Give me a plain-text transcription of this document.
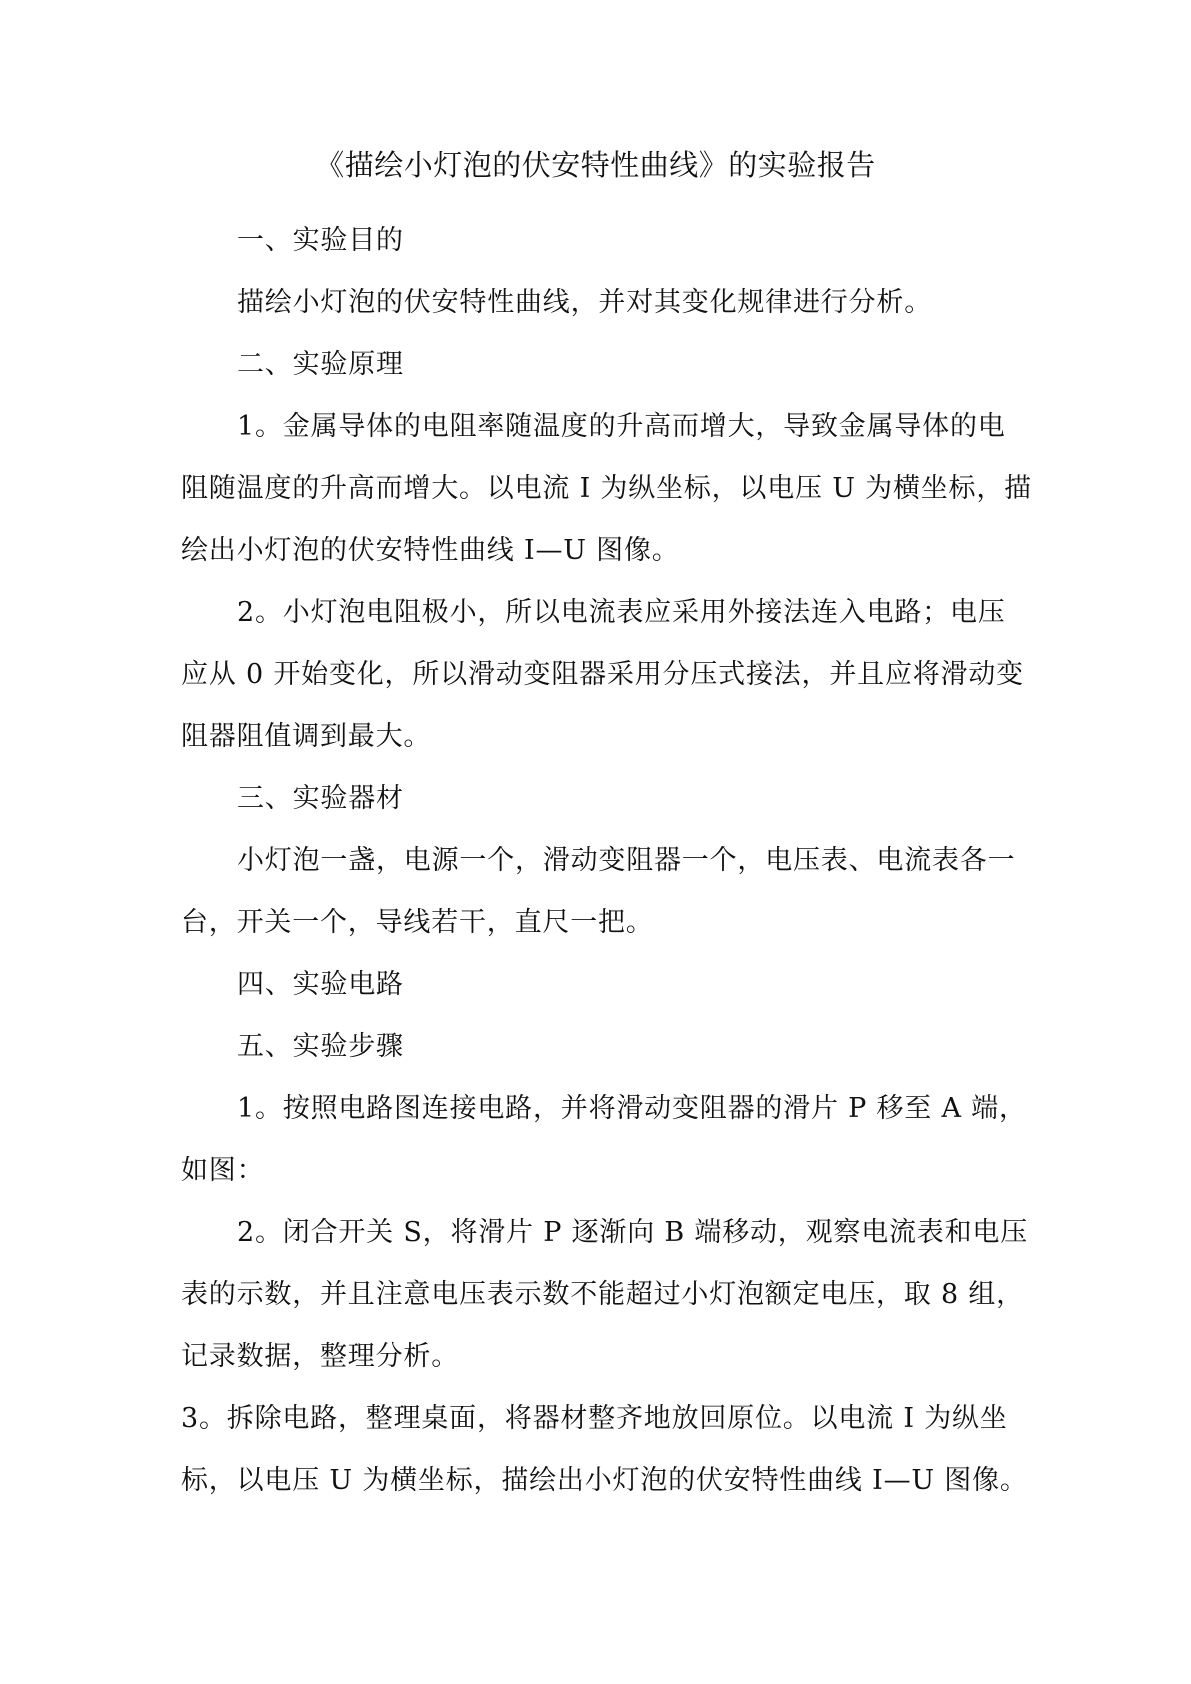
《描绘小灯泡的伏安特性曲线》的实验报告
一、实验目的
描绘小灯泡的伏安特性曲线，并对其变化规律进行分析。
二、实验原理
1。金属导体的电阻率随温度的升高而增大，导致金属导体的电
阻随温度的升高而增大。以电流 I 为纵坐标，以电压 U 为横坐标，描
绘出小灯泡的伏安特性曲线 I—U 图像。
2。小灯泡电阻极小，所以电流表应采用外接法连入电路；电压
应从 0 开始变化，所以滑动变阻器采用分压式接法，并且应将滑动变
阻器阻值调到最大。
三、实验器材
小灯泡一盏，电源一个，滑动变阻器一个，电压表、电流表各一
台，开关一个，导线若干，直尺一把。
四、实验电路
五、实验步骤
1。按照电路图连接电路，并将滑动变阻器的滑片 P 移至 A 端，
如图：
2。闭合开关 S，将滑片 P 逐渐向 B 端移动，观察电流表和电压
表的示数，并且注意电压表示数不能超过小灯泡额定电压，取 8 组，
记录数据，整理分析。
3。拆除电路，整理桌面，将器材整齐地放回原位。以电流 I 为纵坐
标，以电压 U 为横坐标，描绘出小灯泡的伏安特性曲线 I—U 图像。
